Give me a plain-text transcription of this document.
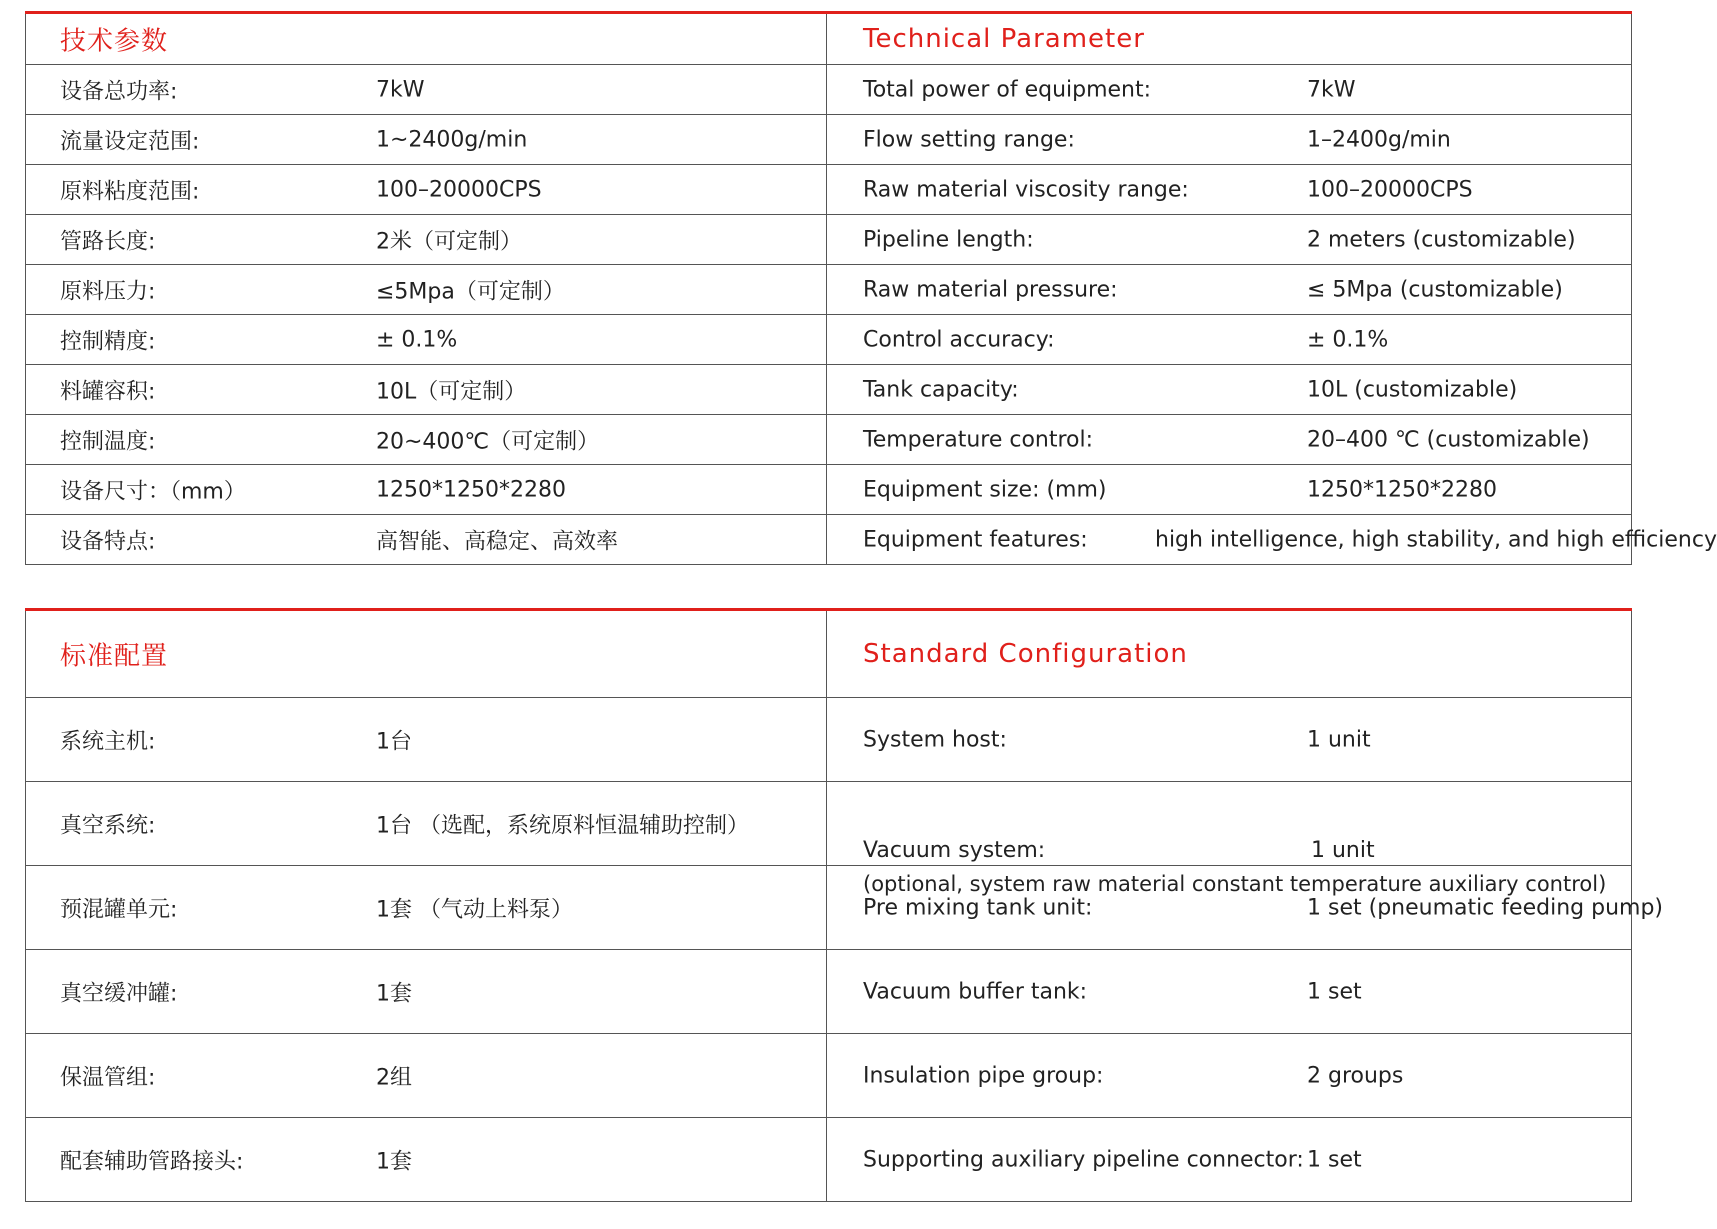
技术参数	Technical Parameter

设备总功率: 7kW	Total power of equipment: 7kW

流量设定范围: 1~2400g/min	Flow setting range: 1–2400g/min

原料粘度范围: 100–20000CPS	Raw material viscosity range: 100–20000CPS

管路长度: 2米（可定制）	Pipeline length: 2 meters (customizable)

原料压力: ≤5Mpa（可定制）	Raw material pressure: ≤ 5Mpa (customizable)

控制精度: ± 0.1%	Control accuracy: ± 0.1%

料罐容积: 10L（可定制）	Tank capacity: 10L (customizable)

控制温度: 20~400℃（可定制）	Temperature control: 20–400 ℃ (customizable)

设备尺寸：（mm） 1250*1250*2280	Equipment size: (mm) 1250*1250*2280

设备特点: 高智能、高稳定、高效率	Equipment features: high intelligence, high stability, and high efficiency
标准配置	Standard Configuration

系统主机: 1台	System host: 1 unit

真空系统: 1台 （选配，系统原料恒温辅助控制）	Vacuum system: 1 unit
(optional, system raw material constant temperature auxiliary control)

预混罐单元: 1套 （气动上料泵）	Pre mixing tank unit: 1 set (pneumatic feeding pump)

真空缓冲罐: 1套	Vacuum buffer tank: 1 set

保温管组: 2组	Insulation pipe group: 2 groups

配套辅助管路接头: 1套	Supporting auxiliary pipeline connector: 1 set
